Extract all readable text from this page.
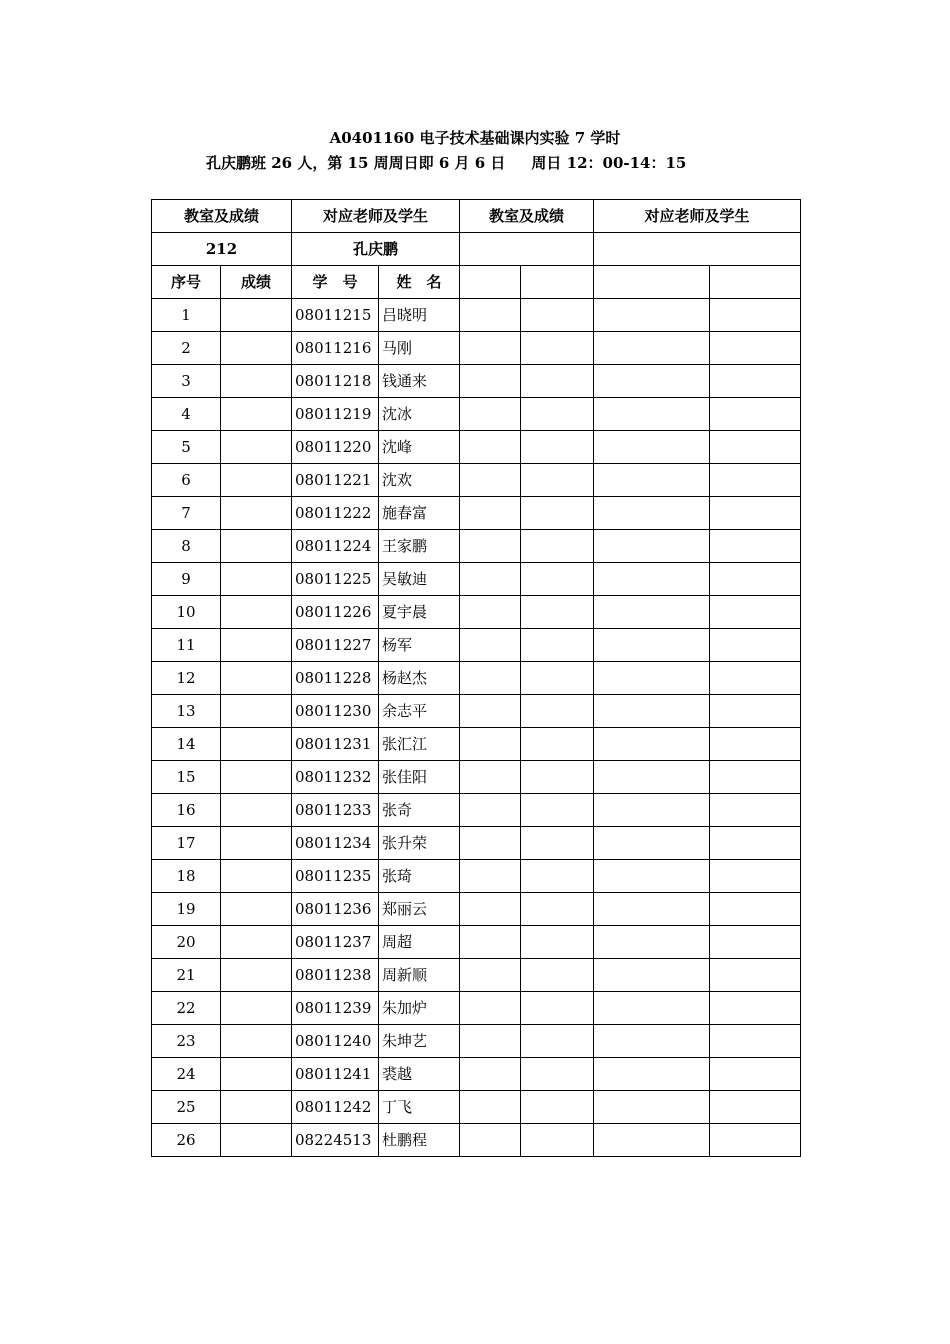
A0401160 电子技术基础课内实验 7 学时
孔庆鹏班 26 人，第 15 周周日即 6 月 6 日 周日 12：00-14：15
教室及成绩		对应老师及学生		教室及成绩		对应老师及学生	
212		孔庆鹏					
序号	成绩	学　号	姓　名				
1		08011215	吕晓明				
2		08011216	马刚				
3		08011218	钱通来				
4		08011219	沈冰				
5		08011220	沈峰				
6		08011221	沈欢				
7		08011222	施春富				
8		08011224	王家鹏				
9		08011225	吴敏迪				
10		08011226	夏宇晨				
11		08011227	杨军				
12		08011228	杨赵杰				
13		08011230	余志平				
14		08011231	张汇江				
15		08011232	张佳阳				
16		08011233	张奇				
17		08011234	张升荣				
18		08011235	张琦				
19		08011236	郑丽云				
20		08011237	周超				
21		08011238	周新顺				
22		08011239	朱加炉				
23		08011240	朱坤艺				
24		08011241	裘越				
25		08011242	丁飞				
26		08224513	杜鹏程				
